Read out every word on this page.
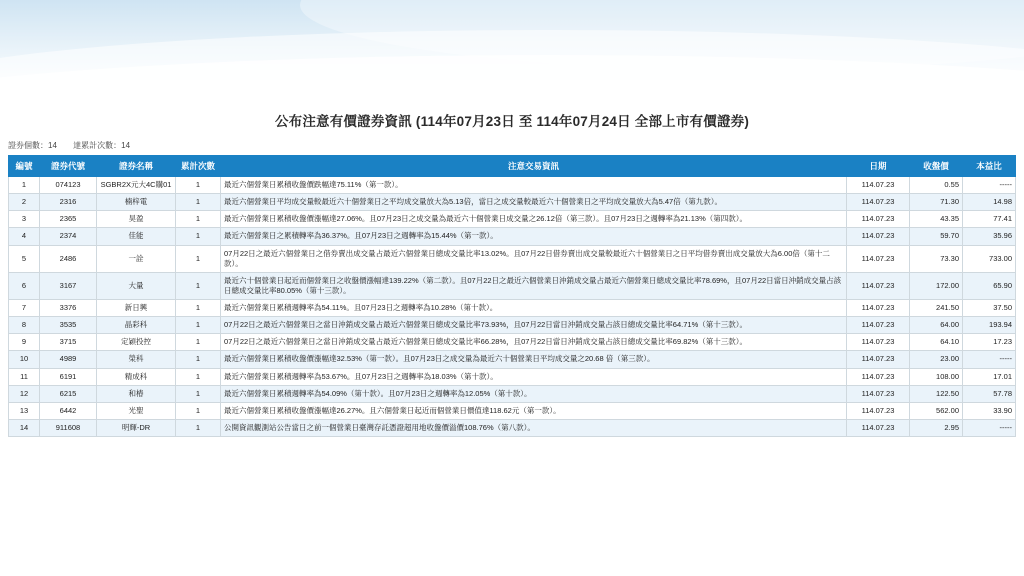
公布注意有價證券資訊 (114年07月23日 至 114年07月24日 全部上市有價證券)
證券個數：14 達累計次數：14
編號	證券代號	證券名稱	累計次數	注意交易資訊	日期	收盤價	本益比
1	074123	SGBR2X元大4C購01	1	最近六個營業日累積收盤價跌幅達75.11%（第一款）。	114.07.23	0.55	-----
2	2316	楠梓電	1	最近六個營業日平均成交量較最近六十個營業日之平均成交量放大為5.13倍，當日之成交量較最近六十個營業日之平均成交量放大為5.47倍（第九款）。	114.07.23	71.30	14.98
3	2365	昊盈	1	最近六個營業日累積收盤價漲幅達27.06%。且07月23日之成交量為最近六十個營業日成交量之26.12倍（第三款）。且07月23日之週轉率為21.13%（第四款）。	114.07.23	43.35	77.41
4	2374	佳能	1	最近六個營業日之累積轉率為36.37%。且07月23日之週轉率為15.44%（第一款）。	114.07.23	59.70	35.96
5	2486	一詮	1	07月22日之最近六個營業日之借券賣出成交量占最近六個營業日總成交量比率13.02%。且07月22日借券賣出成交量較最近六十個營業日之日平均借券賣出成交量放大為6.00倍（第十二款）。	114.07.23	73.30	733.00
6	3167	大量	1	最近六十個營業日起近而個營業日之收盤價漲幅達139.22%（第二款）。且07月22日之最近六個營業日沖銷成交量占最近六個營業日總成交量比率78.69%，且07月22日當日沖銷成交量占該日總成交量比率80.05%（第十三款）。	114.07.23	172.00	65.90
7	3376	新日興	1	最近六個營業日累積週轉率為54.11%。且07月23日之週轉率為10.28%（第十款）。	114.07.23	241.50	37.50
8	3535	晶彩科	1	07月22日之最近六個營業日之當日沖銷成交量占最近六個營業日總成交量比率73.93%，且07月22日當日沖銷成交量占該日總成交量比率64.71%（第十三款）。	114.07.23	64.00	193.94
9	3715	定穎投控	1	07月22日之最近六個營業日之當日沖銷成交量占最近六個營業日總成交量比率66.28%，且07月22日當日沖銷成交量占該日總成交量比率69.82%（第十三款）。	114.07.23	64.10	17.23
10	4989	榮科	1	最近六個營業日累積收盤價漲幅達32.53%（第一款）。且07月23日之成交量為最近六十個營業日平均成交量之20.68 倍（第三款）。	114.07.23	23.00	-----
11	6191	精成科	1	最近六個營業日累積週轉率為53.67%。且07月23日之週轉率為18.03%（第十款）。	114.07.23	108.00	17.01
12	6215	和椿	1	最近六個營業日累積週轉率為54.09%（第十款）。且07月23日之週轉率為12.05%（第十款）。	114.07.23	122.50	57.78
13	6442	光聖	1	最近六個營業日累積收盤價漲幅達26.27%。且六個營業日起近而個營業日價值達118.62元（第一款）。	114.07.23	562.00	33.90
14	911608	明輝-DR	1	公開資訊觀測站公告當日之前一個營業日臺灣存託憑證超用地收盤價溢價108.76%（第八款）。	114.07.23	2.95	-----
